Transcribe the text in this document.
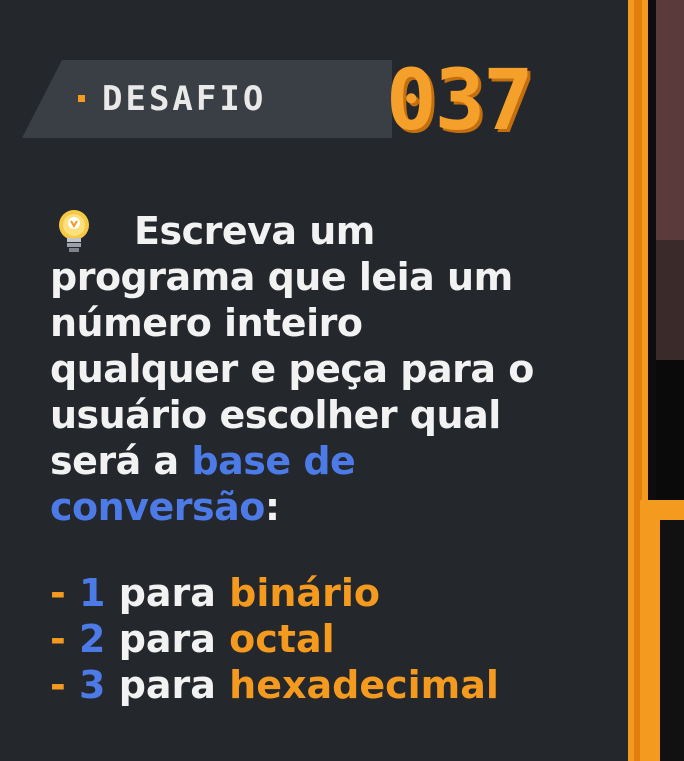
DESAFIO 037
Escreva um
programa que leia um
número inteiro
qualquer e peça para o
usuário escolher qual
será a base de
conversão:
- 1 para binário
- 2 para octal
- 3 para hexadecimal
